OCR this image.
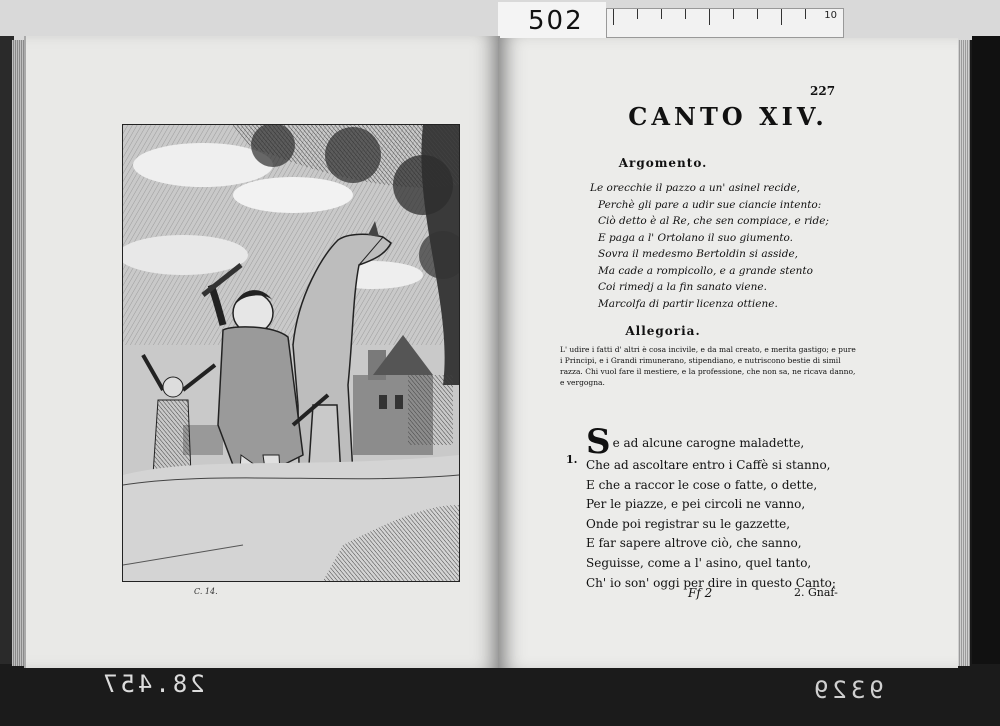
502	10
28.457	9329
C. 14.
227
CANTO XIV.
Argomento.
Le orecchie il pazzo a un' asinel recide,
Perchè gli pare a udir sue ciancie intento:
Ciò detto è al Re, che sen compiace, e ride;
E paga a l' Ortolano il suo giumento.
Sovra il medesmo Bertoldin si asside,
Ma cade a rompicollo, e a grande stento
Coi rimedj a la fin sanato viene.
Marcolfa di partir licenza ottiene.
Allegoria.
L' udire i fatti d' altri è cosa incivile, e da mal creato, e merita gastigo; e pure i Principi, e i Grandi rimunerano, stipendiano, e nutriscono bestie di simil razza. Chi vuol fare il mestiere, e la professione, che non sa, ne ricava danno, e vergogna.
1. Se ad alcune carogne maladette,
Che ad ascoltare entro i Caffè si stanno,
E che a raccor le cose o fatte, o dette,
Per le piazze, e pei circoli ne vanno,
Onde poi registrar su le gazzette,
E far sapere altrove ciò, che sanno,
Seguisse, come a l' asino, quel tanto,
Ch' io son' oggi per dire in questo Canto;
Ff 2	2. Gnaf-
